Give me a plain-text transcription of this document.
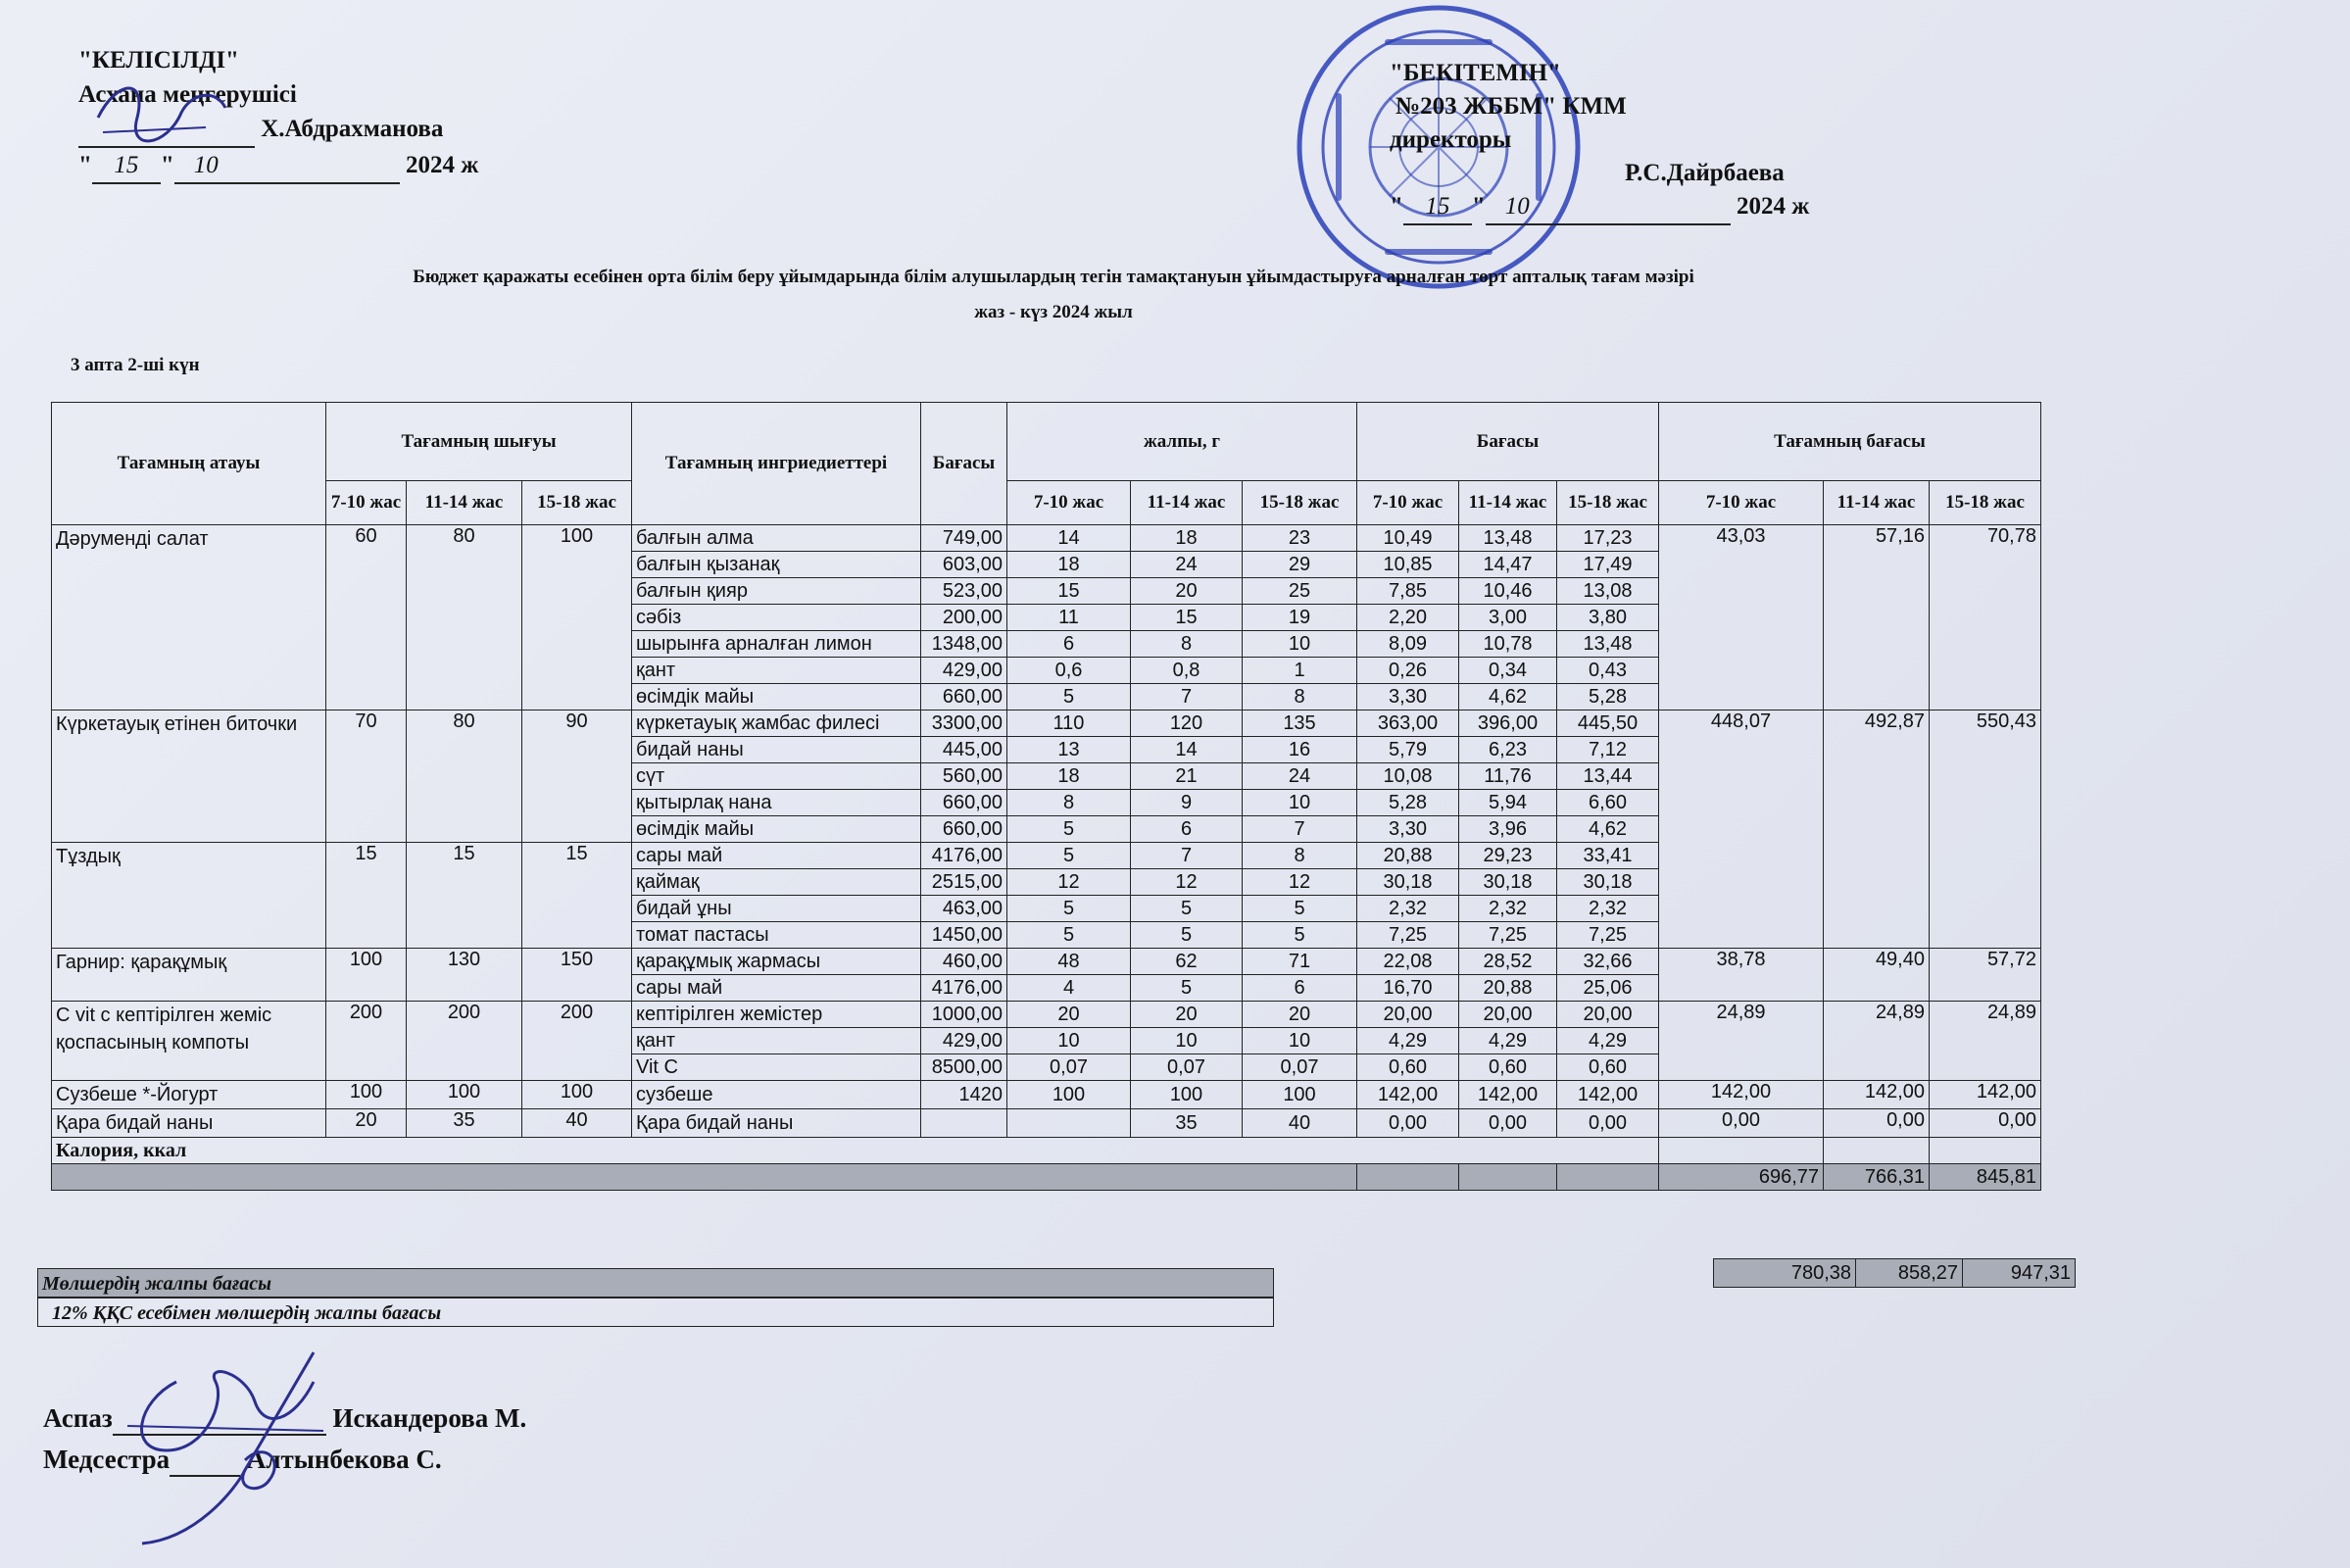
"КЕЛІСІЛДІ"
Асхана меңгерушісі
Х.Абдрахманова
" 15 " 10	2024 ж
"БЕКІТЕМІН"
№203 ЖББМ" КММ
директоры
Р.С.Дайрбаева
" 15 " 10	2024 ж
Бюджет қаражаты есебінен орта білім беру ұйымдарында білім алушылардың тегін тамақтануын ұйымдастыруға арналған төрт апталық тағам мәзірі
жаз - күз 2024 жыл
3 апта 2-ші күн
Тағамның атауы	Тағамның шығуы			Тағамның ингриедиеттері	Бағасы	жалпы, г			Бағасы			Тағамның бағасы		
	7-10 жас	11-14 жас	15-18 жас			7-10 жас	11-14 жас	15-18 жас	7-10 жас	11-14 жас	15-18 жас	7-10 жас	11-14 жас	15-18 жас
Дәруменді салат	60	80	100	балғын алма	749,00	14	18	23	10,49	13,48	17,23	43,03	57,16	70,78
				балғын қызанақ	603,00	18	24	29	10,85	14,47	17,49			
				балғын қияр	523,00	15	20	25	7,85	10,46	13,08			
				сәбіз	200,00	11	15	19	2,20	3,00	3,80			
				шырынға арналған лимон	1348,00	6	8	10	8,09	10,78	13,48			
				қант	429,00	0,6	0,8	1	0,26	0,34	0,43			
				өсімдік майы	660,00	5	7	8	3,30	4,62	5,28			
Күркетауық етінен биточки	70	80	90	күркетауық жамбас филесі	3300,00	110	120	135	363,00	396,00	445,50	448,07	492,87	550,43
				бидай наны	445,00	13	14	16	5,79	6,23	7,12			
				сүт	560,00	18	21	24	10,08	11,76	13,44			
				қытырлақ нана	660,00	8	9	10	5,28	5,94	6,60			
				өсімдік майы	660,00	5	6	7	3,30	3,96	4,62			
Тұздық	15	15	15	сары май	4176,00	5	7	8	20,88	29,23	33,41			
				қаймақ	2515,00	12	12	12	30,18	30,18	30,18			
				бидай ұны	463,00	5	5	5	2,32	2,32	2,32			
				томат пастасы	1450,00	5	5	5	7,25	7,25	7,25			
Гарнир: қарақұмық	100	130	150	қарақұмық жармасы	460,00	48	62	71	22,08	28,52	32,66	38,78	49,40	57,72
				сары май	4176,00	4	5	6	16,70	20,88	25,06			
C vit c кептірілген жеміс қоспасының компоты	200	200	200	кептірілген жемістер	1000,00	20	20	20	20,00	20,00	20,00	24,89	24,89	24,89
				қант	429,00	10	10	10	4,29	4,29	4,29			
				Vit C	8500,00	0,07	0,07	0,07	0,60	0,60	0,60			
Сузбеше *-Йогурт	100	100	100	сузбеше	1420	100	100	100	142,00	142,00	142,00	142,00	142,00	142,00
Қара бидай наны	20	35	40	Қара бидай наны			35	40	0,00	0,00	0,00	0,00	0,00	0,00
Калория, ккал														
												696,77	766,31	845,81
Мөлшердің жалпы бағасы
12% ҚҚС есебімен мөлшердің жалпы бағасы
780,38	858,27	947,31
Аспаз	Искандерова М.
Медсестра	Алтынбекова С.
